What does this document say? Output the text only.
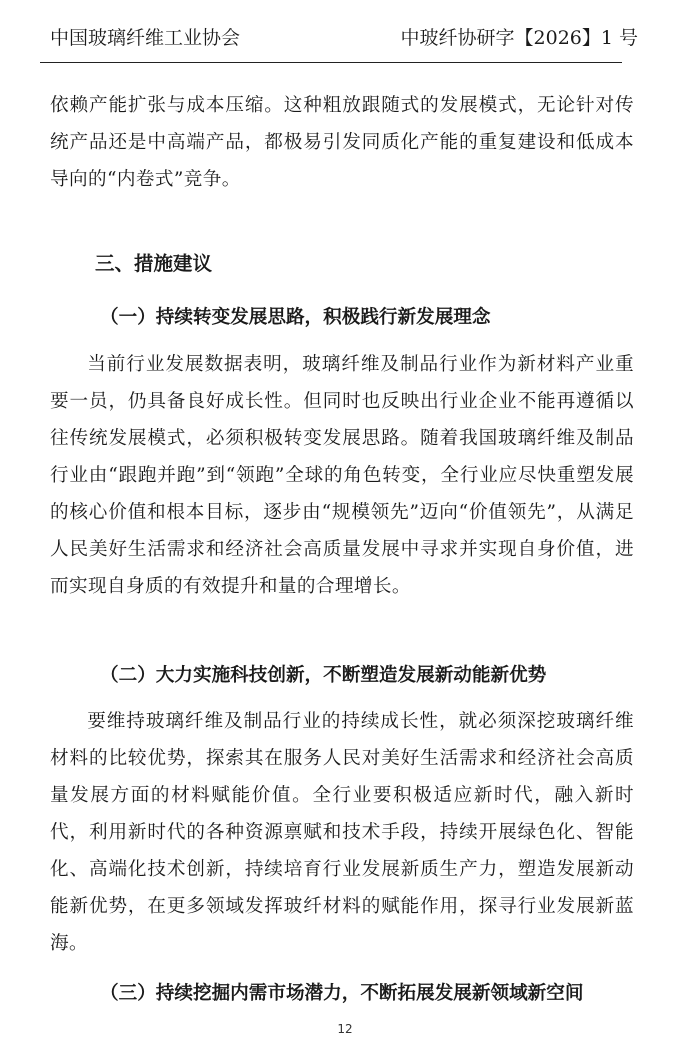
中国玻璃纤维工业协会	中玻纤协研字【2026】1 号

依赖产能扩张与成本压缩。这种粗放跟随式的发展模式，无论针对传统产品还是中高端产品，都极易引发同质化产能的重复建设和低成本导向的“内卷式”竞争。

三、措施建议
（一）持续转变发展思路，积极践行新发展理念

当前行业发展数据表明，玻璃纤维及制品行业作为新材料产业重要一员，仍具备良好成长性。但同时也反映出行业企业不能再遵循以往传统发展模式，必须积极转变发展思路。随着我国玻璃纤维及制品行业由“跟跑并跑”到“领跑”全球的角色转变，全行业应尽快重塑发展的核心价值和根本目标，逐步由“规模领先”迈向“价值领先”，从满足人民美好生活需求和经济社会高质量发展中寻求并实现自身价值，进而实现自身质的有效提升和量的合理增长。

（二）大力实施科技创新，不断塑造发展新动能新优势

要维持玻璃纤维及制品行业的持续成长性，就必须深挖玻璃纤维材料的比较优势，探索其在服务人民对美好生活需求和经济社会高质量发展方面的材料赋能价值。全行业要积极适应新时代，融入新时代，利用新时代的各种资源禀赋和技术手段，持续开展绿色化、智能化、高端化技术创新，持续培育行业发展新质生产力，塑造发展新动能新优势，在更多领域发挥玻纤材料的赋能作用，探寻行业发展新蓝海。

（三）持续挖掘内需市场潜力，不断拓展发展新领域新空间
12
